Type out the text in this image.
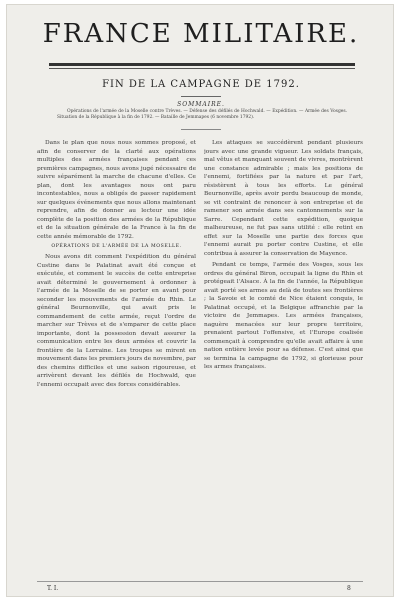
FRANCE MILITAIRE.
FIN DE LA CAMPAGNE DE 1792.
SOMMAIRE.

Opérations de l'armée de la Moselle contre Trèves. — Défense des défilés de Hochwald. — Expédition. — Armée des Vosges. Situation de la République à la fin de 1792. — Bataille de Jemmapes (6 novembre 1792).

Dans le plan que nous nous sommes proposé, et afin de conserver de la clarté aux opérations multiples des armées françaises pendant ces premières campagnes, nous avons jugé nécessaire de suivre séparément la marche de chacune d'elles. Ce plan, dont les avantages nous ont paru incontestables, nous a obligés de passer rapidement sur quelques événements que nous allons maintenant reprendre, afin de donner au lecteur une idée complète de la position des armées de la République et de la situation générale de la France à la fin de cette année mémorable de 1792.

OPÉRATIONS DE L'ARMÉE DE LA MOSELLE.

Nous avons dit comment l'expédition du général Custine dans le Palatinat avait été conçue et exécutée, et comment le succès de cette entreprise avait déterminé le gouvernement à ordonner à l'armée de la Moselle de se porter en avant pour seconder les mouvements de l'armée du Rhin. Le général Beurnonville, qui avait pris le commandement de cette armée, reçut l'ordre de marcher sur Trèves et de s'emparer de cette place importante, dont la possession devait assurer la communication entre les deux armées et couvrir la frontière de la Lorraine. Les troupes se mirent en mouvement dans les premiers jours de novembre, par des chemins difficiles et une saison rigoureuse, et arrivèrent devant les défilés de Hochwald, que l'ennemi occupait avec des forces considérables.

Les attaques se succédèrent pendant plusieurs jours avec une grande vigueur. Les soldats français, mal vêtus et manquant souvent de vivres, montrèrent une constance admirable ; mais les positions de l'ennemi, fortifiées par la nature et par l'art, résistèrent à tous les efforts. Le général Beurnonville, après avoir perdu beaucoup de monde, se vit contraint de renoncer à son entreprise et de ramener son armée dans ses cantonnements sur la Sarre. Cependant cette expédition, quoique malheureuse, ne fut pas sans utilité : elle retint en effet sur la Moselle une partie des forces que l'ennemi aurait pu porter contre Custine, et elle contribua à assurer la conservation de Mayence.

Pendant ce temps, l'armée des Vosges, sous les ordres du général Biron, occupait la ligne du Rhin et protégeait l'Alsace. À la fin de l'année, la République avait porté ses armes au delà de toutes ses frontières ; la Savoie et le comté de Nice étaient conquis, le Palatinat occupé, et la Belgique affranchie par la victoire de Jemmapes. Les armées françaises, naguère menacées sur leur propre territoire, prenaient partout l'offensive, et l'Europe coalisée commençait à comprendre qu'elle avait affaire à une nation entière levée pour sa défense. C'est ainsi que se termina la campagne de 1792, si glorieuse pour les armes françaises.

T. I.	8
